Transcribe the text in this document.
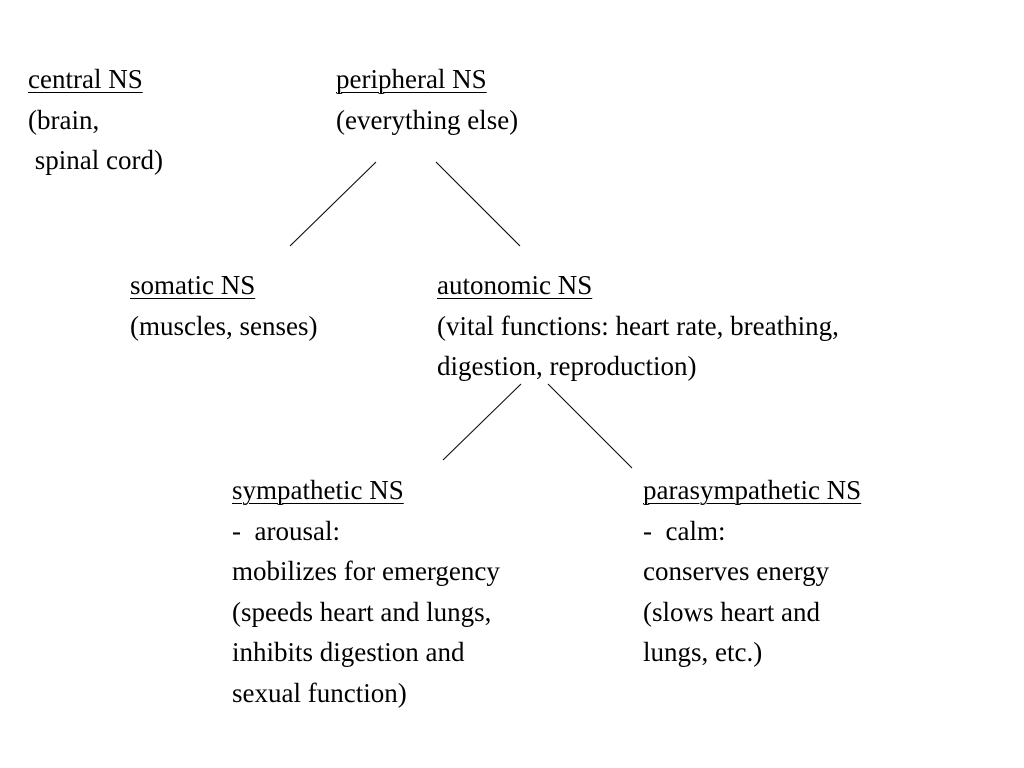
central NS
(brain,
spinal cord)
peripheral NS
(everything else)
somatic NS
(muscles, senses)
autonomic NS
(vital functions: heart rate, breathing,
digestion, reproduction)
sympathetic NS
-  arousal:
mobilizes for emergency
(speeds heart and lungs,
inhibits digestion and
sexual function)
parasympathetic NS
-  calm:
conserves energy
(slows heart and
lungs, etc.)
